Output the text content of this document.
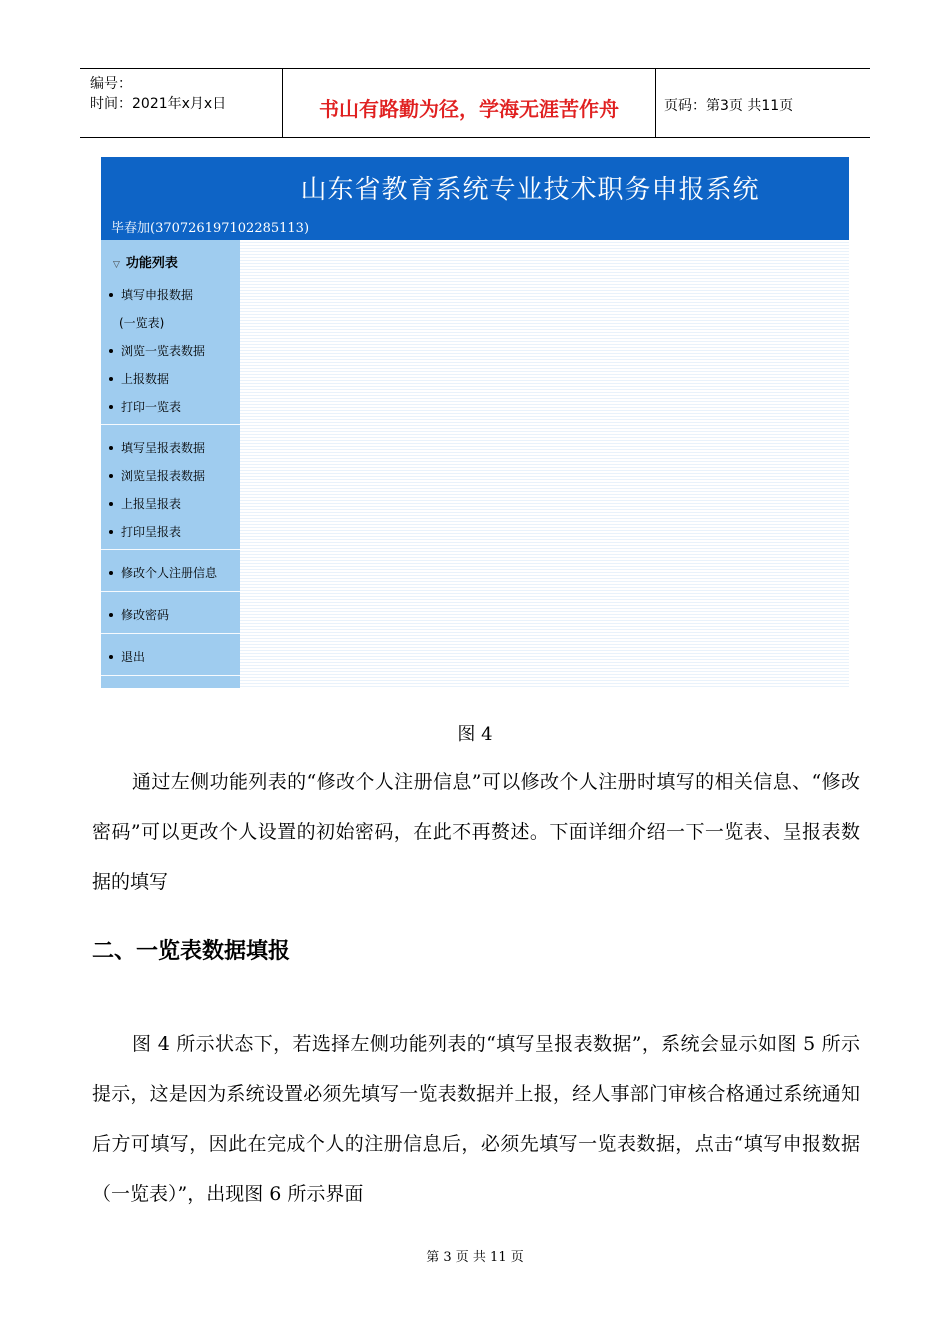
编号：
时间：2021年x月x日	书山有路勤为径，学海无涯苦作舟	页码：第3页 共11页
山东省教育系统专业技术职务申报系统
毕春加(370726197102285113)
▽ 功能列表
填写申报数据
(一览表)
浏览一览表数据
上报数据
打印一览表
填写呈报表数据
浏览呈报表数据
上报呈报表
打印呈报表
修改个人注册信息
修改密码
退出
图 4

通过左侧功能列表的“修改个人注册信息”可以修改个人注册时填写的相关信息、“修改密码”可以更改个人设置的初始密码，在此不再赘述。下面详细介绍一下一览表、呈报表数据的填写

二、一览表数据填报

图 4 所示状态下，若选择左侧功能列表的“填写呈报表数据”，系统会显示如图 5 所示提示，这是因为系统设置必须先填写一览表数据并上报，经人事部门审核合格通过系统通知后方可填写，因此在完成个人的注册信息后，必须先填写一览表数据，点击“填写申报数据（一览表）”，出现图 6 所示界面

第 3 页 共 11 页
